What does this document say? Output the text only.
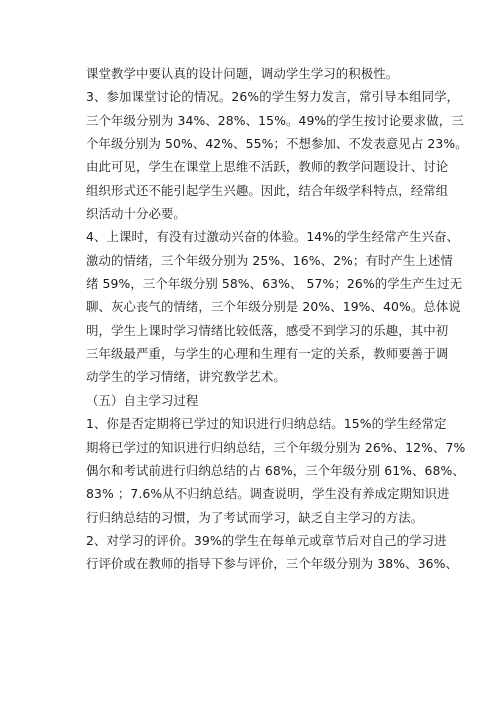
课堂教学中要认真的设计问题，调动学生学习的积极性。
3、参加课堂讨论的情况。26%的学生努力发言，常引导本组同学，
三个年级分别为 34%、28%、15%。49%的学生按讨论要求做，三
个年级分别为 50%、42%、55%；不想参加、不发表意见占 23%。
由此可见，学生在课堂上思维不活跃，教师的教学问题设计、讨论
组织形式还不能引起学生兴趣。因此，结合年级学科特点，经常组
织活动十分必要。
4、上课时，有没有过激动兴奋的体验。14%的学生经常产生兴奋、
激动的情绪，三个年级分别为 25%、16%、2%；有时产生上述情
绪 59%，三个年级分别 58%、63%、 57%；26%的学生产生过无
聊、灰心丧气的情绪，三个年级分别是 20%、19%、40%。总体说
明，学生上课时学习情绪比较低落，感受不到学习的乐趣，其中初
三年级最严重，与学生的心理和生理有一定的关系，教师要善于调
动学生的学习情绪，讲究教学艺术。
（五）自主学习过程
1、你是否定期将已学过的知识进行归纳总结。15%的学生经常定
期将已学过的知识进行归纳总结，三个年级分别为 26%、12%、7%
偶尔和考试前进行归纳总结的占 68%，三个年级分别 61%、68%、
83% ；7.6%从不归纳总结。调查说明，学生没有养成定期知识进
行归纳总结的习惯，为了考试而学习，缺乏自主学习的方法。
2、对学习的评价。39%的学生在每单元或章节后对自己的学习进
行评价或在教师的指导下参与评价，三个年级分别为 38%、36%、
